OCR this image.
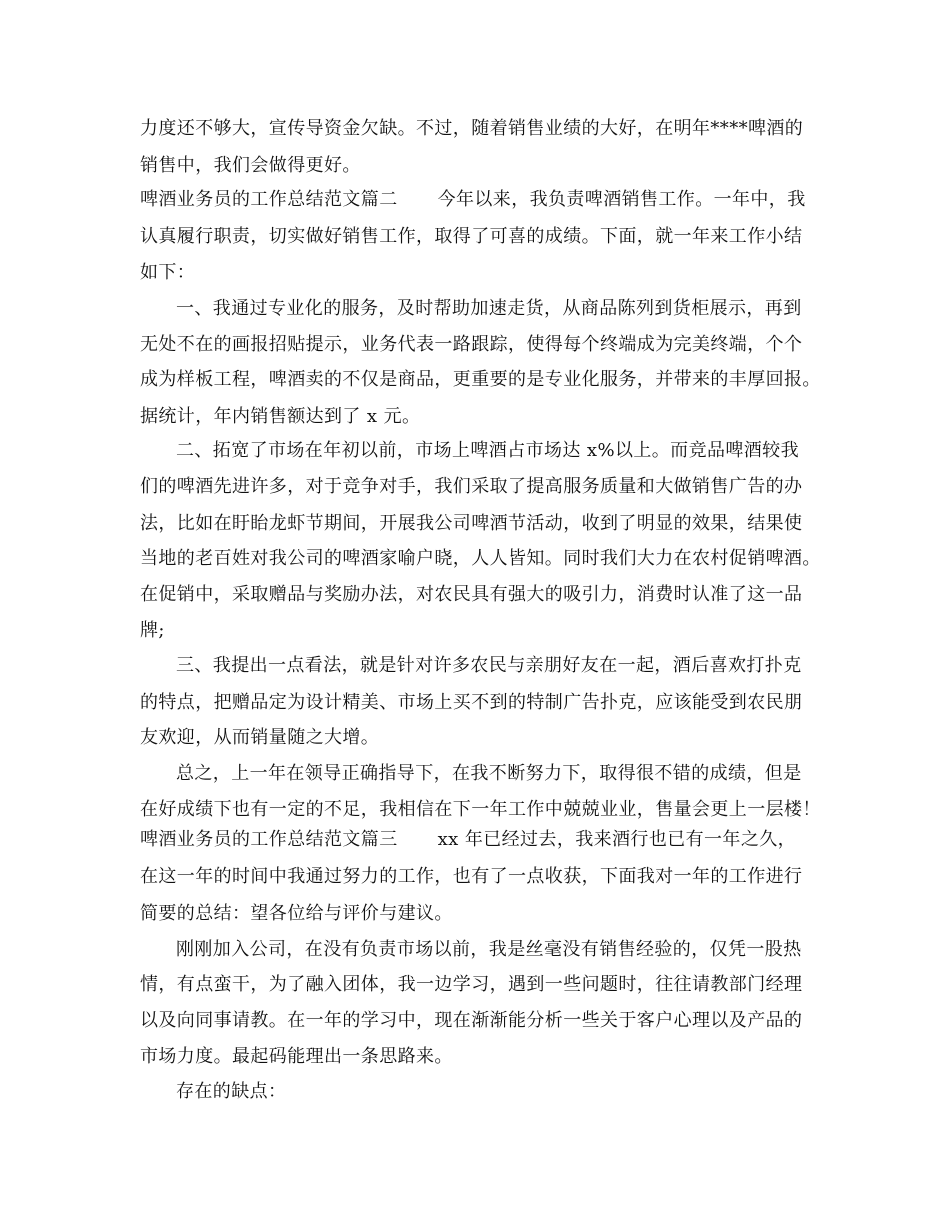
力度还不够大，宣传导资金欠缺。不过，随着销售业绩的大好，在明年****啤酒的
销售中，我们会做得更好。
啤酒业务员的工作总结范文篇二 今年以来，我负责啤酒销售工作。一年中，我
认真履行职责，切实做好销售工作，取得了可喜的成绩。下面，就一年来工作小结
如下：
一、我通过专业化的服务，及时帮助加速走货，从商品陈列到货柜展示，再到
无处不在的画报招贴提示，业务代表一路跟踪，使得每个终端成为完美终端，个个
成为样板工程，啤酒卖的不仅是商品，更重要的是专业化服务，并带来的丰厚回报。
据统计，年内销售额达到了 x 元。
二、拓宽了市场在年初以前，市场上啤酒占市场达 x%以上。而竞品啤酒较我
们的啤酒先进许多，对于竞争对手，我们采取了提高服务质量和大做销售广告的办
法，比如在盱眙龙虾节期间，开展我公司啤酒节活动，收到了明显的效果，结果使
当地的老百姓对我公司的啤酒家喻户晓，人人皆知。同时我们大力在农村促销啤酒。
在促销中，采取赠品与奖励办法，对农民具有强大的吸引力，消费时认准了这一品
牌;
三、我提出一点看法，就是针对许多农民与亲朋好友在一起，酒后喜欢打扑克
的特点，把赠品定为设计精美、市场上买不到的特制广告扑克，应该能受到农民朋
友欢迎，从而销量随之大增。
总之，上一年在领导正确指导下，在我不断努力下，取得很不错的成绩，但是
在好成绩下也有一定的不足，我相信在下一年工作中兢兢业业，售量会更上一层楼！
啤酒业务员的工作总结范文篇三 xx 年已经过去，我来酒行也已有一年之久，
在这一年的时间中我通过努力的工作，也有了一点收获，下面我对一年的工作进行
简要的总结：望各位给与评价与建议。
刚刚加入公司，在没有负责市场以前，我是丝毫没有销售经验的，仅凭一股热
情，有点蛮干，为了融入团体，我一边学习，遇到一些问题时，往往请教部门经理
以及向同事请教。在一年的学习中，现在渐渐能分析一些关于客户心理以及产品的
市场力度。最起码能理出一条思路来。
存在的缺点：
